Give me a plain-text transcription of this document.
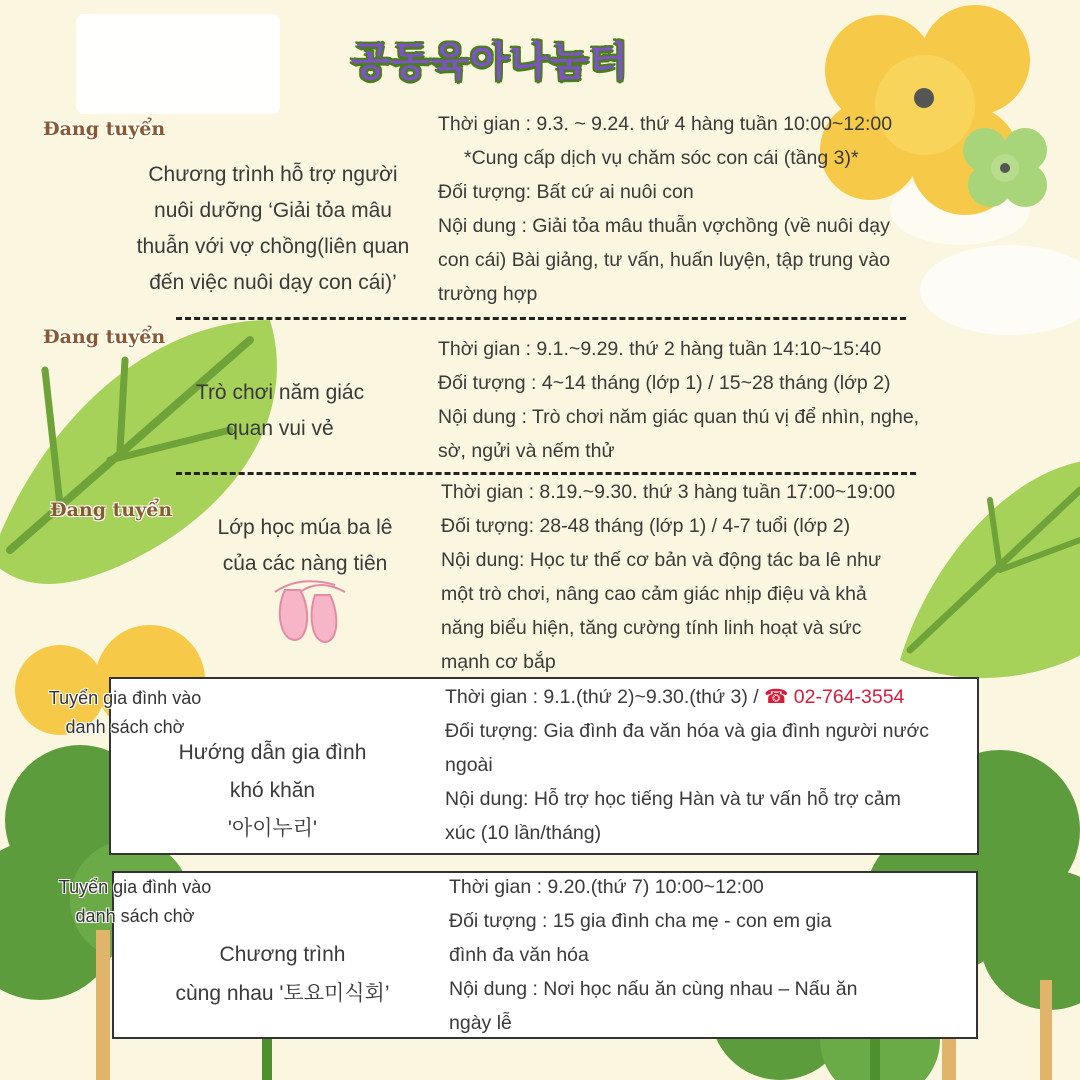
공동육아나눔터
Đang tuyển
Chương trình hỗ trợ người
nuôi dưỡng ‘Giải tỏa mâu
thuẫn với vợ chồng(liên quan
đến việc nuôi dạy con cái)’
Thời gian : 9.3. ~ 9.24. thứ 4 hàng tuần 10:00~12:00
*Cung cấp dịch vụ chăm sóc con cái (tầng 3)*
Đối tượng: Bất cứ ai nuôi con
Nội dung : Giải tỏa mâu thuẫn vợchồng (về nuôi dạy
con cái) Bài giảng, tư vấn, huấn luyện, tập trung vào
trường hợp
Đang tuyển
Trò chơi năm giác
quan vui vẻ
Thời gian : 9.1.~9.29. thứ 2 hàng tuần 14:10~15:40
Đối tượng : 4~14 tháng (lớp 1) / 15~28 tháng (lớp 2)
Nội dung : Trò chơi năm giác quan thú vị để nhìn, nghe,
sờ, ngửi và nếm thử
Đang tuyển
Lớp học múa ba lê
của các nàng tiên
Thời gian : 8.19.~9.30. thứ 3 hàng tuần 17:00~19:00
Đối tượng: 28-48 tháng (lớp 1) / 4-7 tuổi (lớp 2)
Nội dung: Học tư thế cơ bản và động tác ba lê như
một trò chơi, nâng cao cảm giác nhịp điệu và khả
năng biểu hiện, tăng cường tính linh hoạt và sức
mạnh cơ bắp
Tuyển gia đình vào
danh sách chờ
Hướng dẫn gia đình
khó khăn
'아이누리'
Thời gian : 9.1.(thứ 2)~9.30.(thứ 3) / ☎ 02-764-3554
Đối tượng: Gia đình đa văn hóa và gia đình người nước
ngoài
Nội dung: Hỗ trợ học tiếng Hàn và tư vấn hỗ trợ cảm
xúc (10 lần/tháng)
Tuyển gia đình vào
danh sách chờ
Chương trình
cùng nhau '토요미식회’
Thời gian : 9.20.(thứ 7) 10:00~12:00
Đối tượng : 15 gia đình cha mẹ - con em gia
đình đa văn hóa
Nội dung : Nơi học nấu ăn cùng nhau – Nấu ăn
ngày lễ
